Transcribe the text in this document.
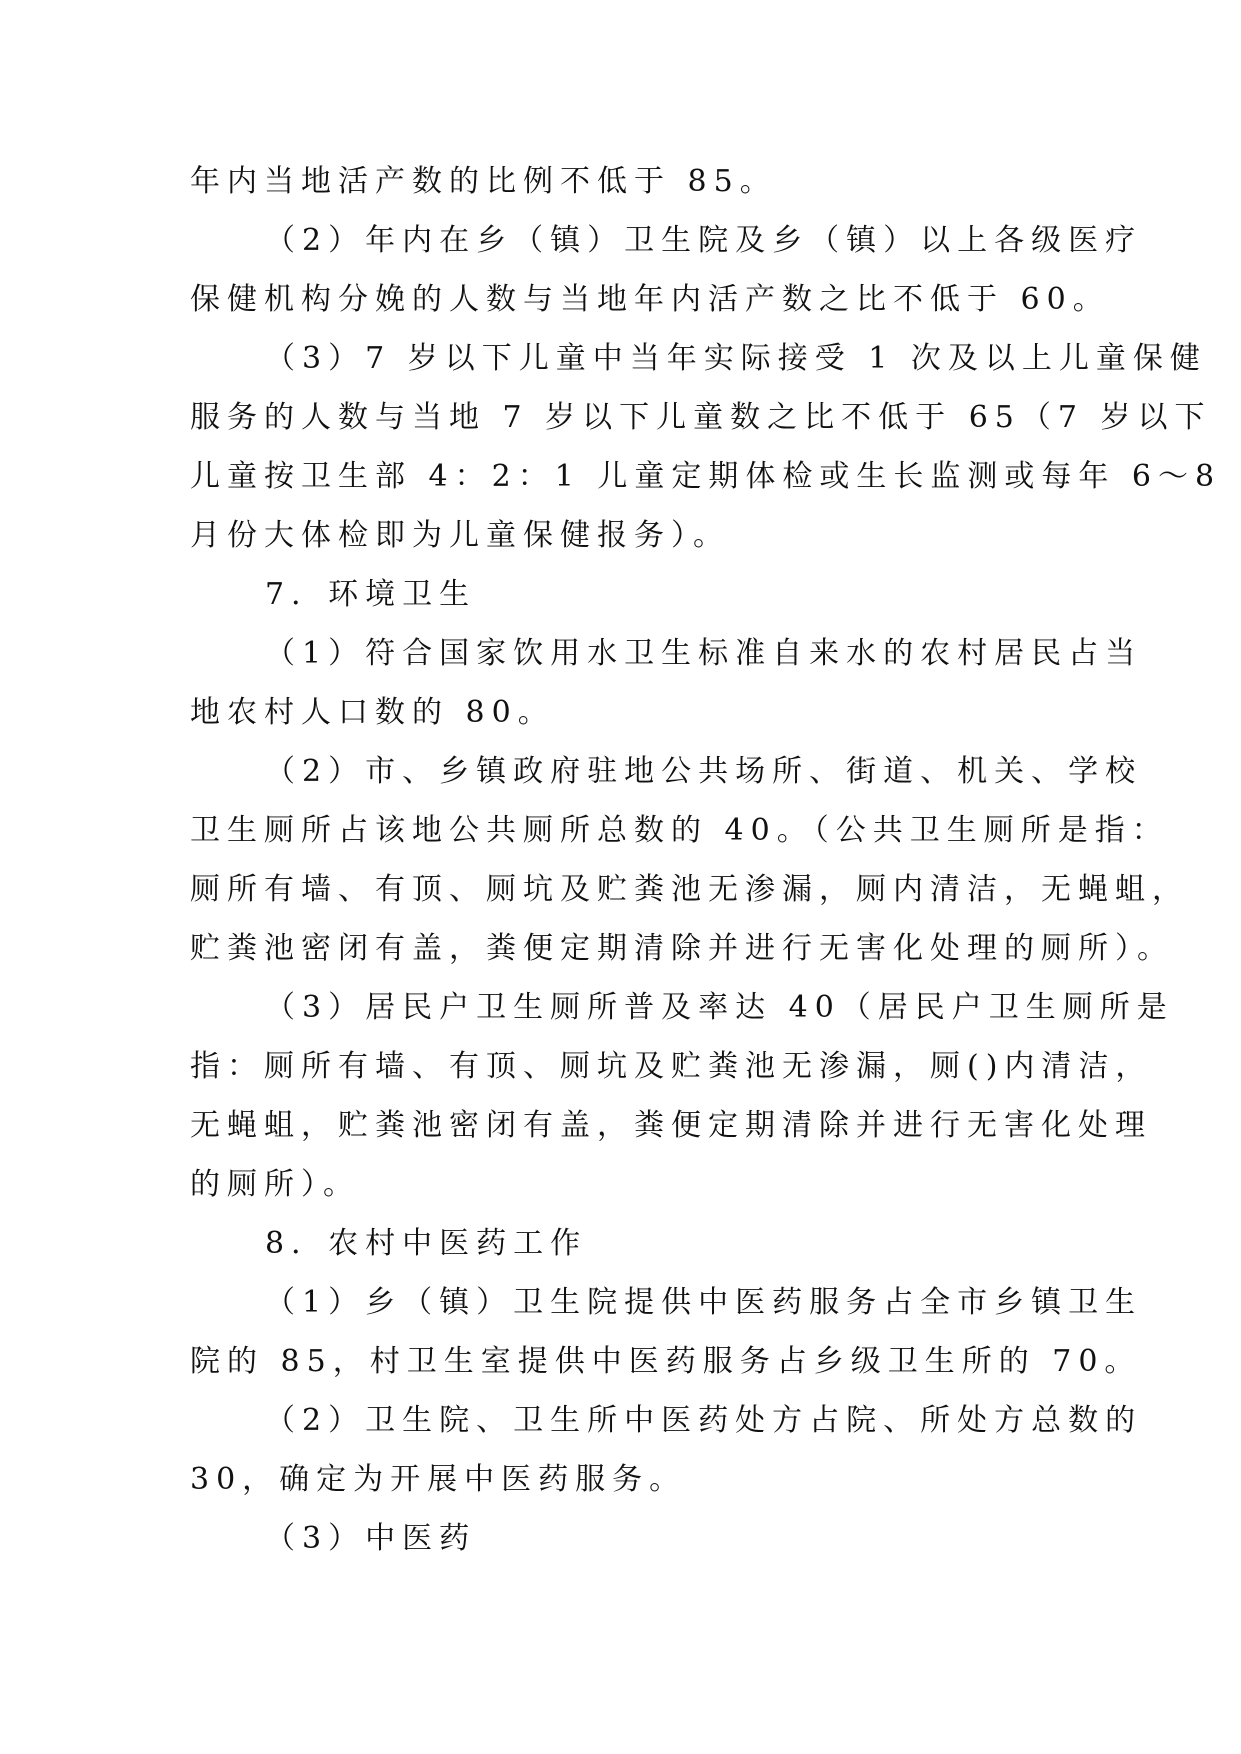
年内当地活产数的比例不低于 85。
（2）年内在乡（镇）卫生院及乡（镇）以上各级医疗
保健机构分娩的人数与当地年内活产数之比不低于 60。
（3）7 岁以下儿童中当年实际接受 1 次及以上儿童保健
服务的人数与当地 7 岁以下儿童数之比不低于 65（7 岁以下
儿童按卫生部 4：2：1 儿童定期体检或生长监测或每年 6～8
月份大体检即为儿童保健报务）。
7．环境卫生
（1）符合国家饮用水卫生标准自来水的农村居民占当
地农村人口数的 80。
（2）市、乡镇政府驻地公共场所、街道、机关、学校
卫生厕所占该地公共厕所总数的 40。（公共卫生厕所是指：
厕所有墙、有顶、厕坑及贮粪池无渗漏，厕内清洁，无蝇蛆，
贮粪池密闭有盖，粪便定期清除并进行无害化处理的厕所）。
（3）居民户卫生厕所普及率达 40（居民户卫生厕所是
指：厕所有墙、有顶、厕坑及贮粪池无渗漏，厕()内清洁，
无蝇蛆，贮粪池密闭有盖，粪便定期清除并进行无害化处理
的厕所）。
8．农村中医药工作
（1）乡（镇）卫生院提供中医药服务占全市乡镇卫生
院的 85，村卫生室提供中医药服务占乡级卫生所的 70。
（2）卫生院、卫生所中医药处方占院、所处方总数的
30，确定为开展中医药服务。
（3）中医药
